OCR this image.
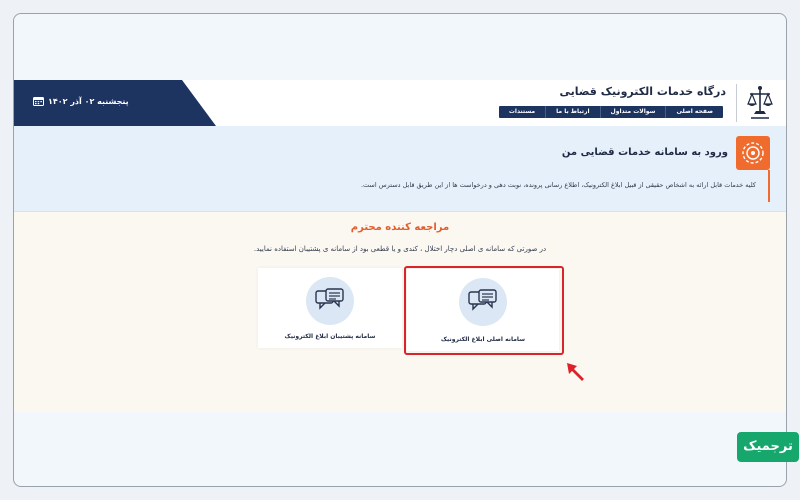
پنجشنبه ۰۲ آذر ۱۴۰۲
درگاه خدمات الکترونیک قضایی
صفحه اصلی
سوالات متداول
ارتباط با ما
مستندات
ورود به سامانه خدمات قضایی من
کلیه خدمات قابل ارائه به اشخاص حقیقی از قبیل ابلاغ الکترونیک، اطلاع رسانی پرونده، نوبت دهی و درخواست ها از این طریق قابل دسترس است.
مراجعه کننده محترم
در صورتی که سامانه ی اصلی دچار اختلال ، کندی و یا قطعی بود از سامانه ی پشتیبان استفاده نمایید.
سامانه اصلی ابلاغ الکترونیک
سامانه پشتیبان ابلاغ الکترونیک
ترجمیک
